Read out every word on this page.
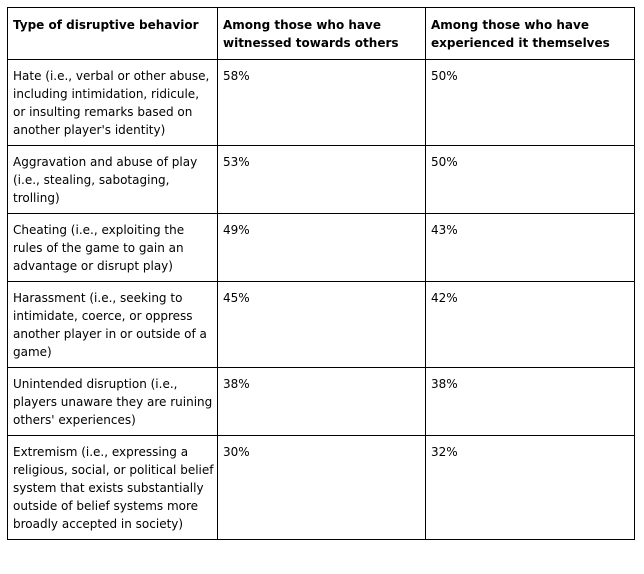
Type of disruptive behavior	Among those who have witnessed towards others	Among those who have experienced it themselves
Hate (i.e., verbal or other abuse, including intimidation, ridicule, or insulting remarks based on another player's identity)	58%	50%
Aggravation and abuse of play (i.e., stealing, sabotaging, trolling)	53%	50%
Cheating (i.e., exploiting the rules of the game to gain an advantage or disrupt play)	49%	43%
Harassment (i.e., seeking to intimidate, coerce, or oppress another player in or outside of a game)	45%	42%
Unintended disruption (i.e., players unaware they are ruining others' experiences)	38%	38%
Extremism (i.e., expressing a religious, social, or political belief system that exists substantially outside of belief systems more broadly accepted in society)	30%	32%
